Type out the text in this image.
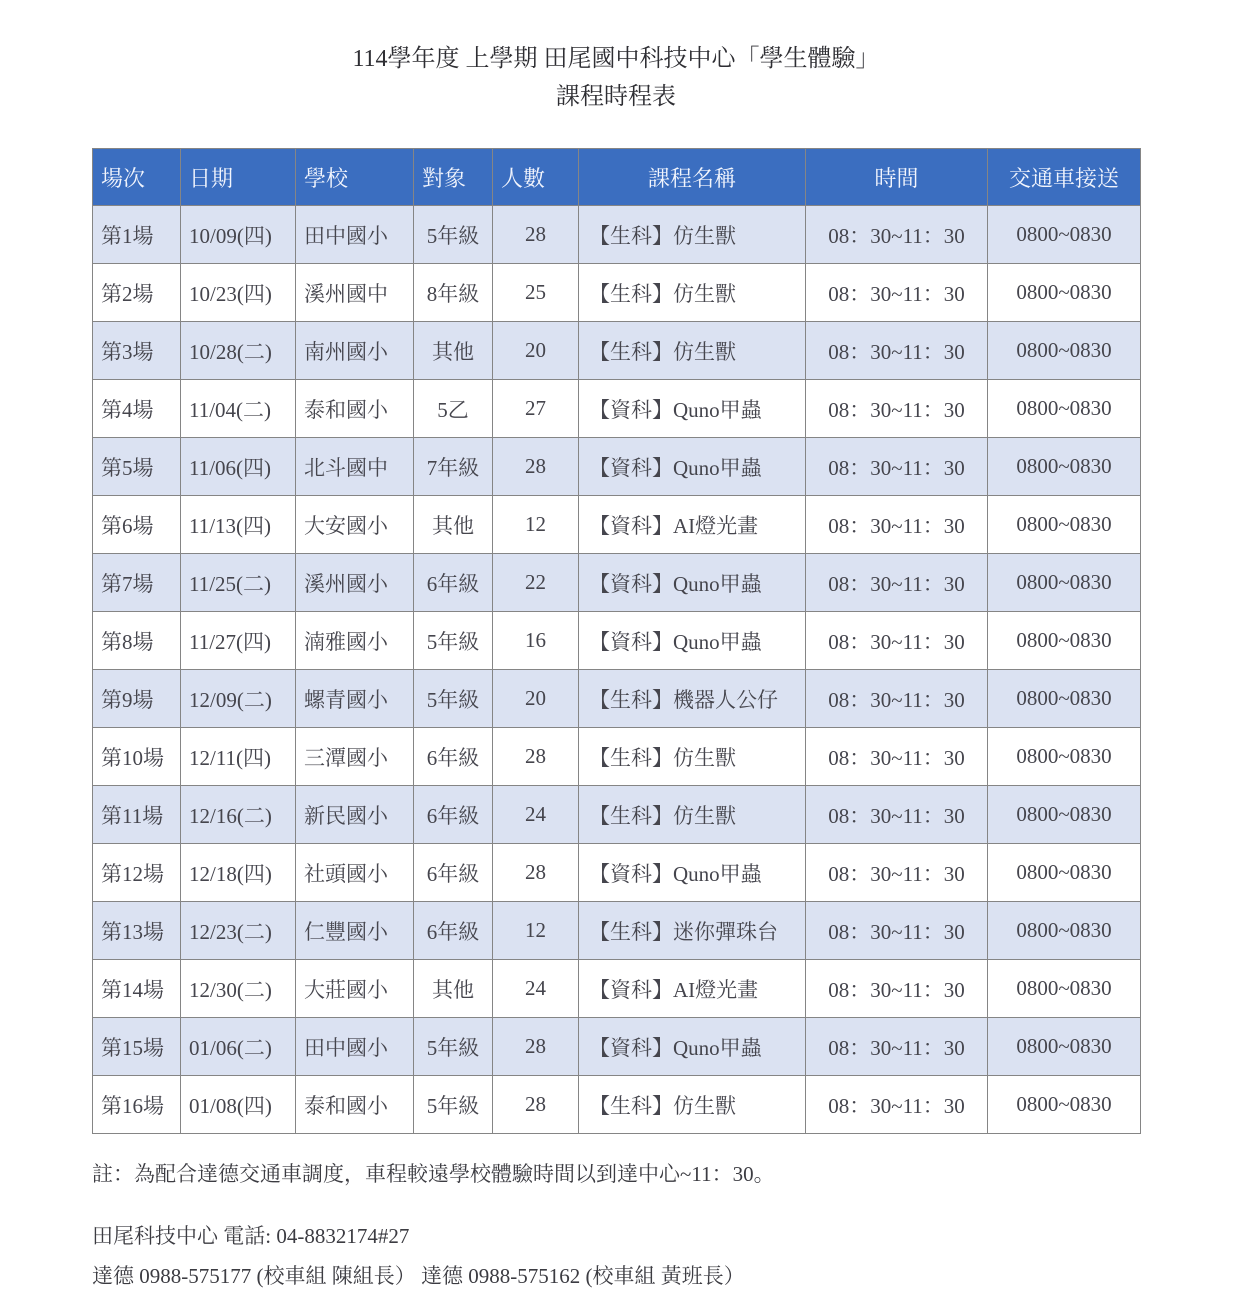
114學年度 上學期 田尾國中科技中心「學生體驗」
課程時程表
場次	日期	學校	對象	人數	課程名稱	時間	交通車接送
第1場	10/09(四)	田中國小	5年級	28	【生科】仿生獸	08：30~11：30	0800~0830
第2場	10/23(四)	溪州國中	8年級	25	【生科】仿生獸	08：30~11：30	0800~0830
第3場	10/28(二)	南州國小	其他	20	【生科】仿生獸	08：30~11：30	0800~0830
第4場	11/04(二)	泰和國小	5乙	27	【資科】Quno甲蟲	08：30~11：30	0800~0830
第5場	11/06(四)	北斗國中	7年級	28	【資科】Quno甲蟲	08：30~11：30	0800~0830
第6場	11/13(四)	大安國小	其他	12	【資科】AI燈光畫	08：30~11：30	0800~0830
第7場	11/25(二)	溪州國小	6年級	22	【資科】Quno甲蟲	08：30~11：30	0800~0830
第8場	11/27(四)	湳雅國小	5年級	16	【資科】Quno甲蟲	08：30~11：30	0800~0830
第9場	12/09(二)	螺青國小	5年級	20	【生科】機器人公仔	08：30~11：30	0800~0830
第10場	12/11(四)	三潭國小	6年級	28	【生科】仿生獸	08：30~11：30	0800~0830
第11場	12/16(二)	新民國小	6年級	24	【生科】仿生獸	08：30~11：30	0800~0830
第12場	12/18(四)	社頭國小	6年級	28	【資科】Quno甲蟲	08：30~11：30	0800~0830
第13場	12/23(二)	仁豐國小	6年級	12	【生科】迷你彈珠台	08：30~11：30	0800~0830
第14場	12/30(二)	大莊國小	其他	24	【資科】AI燈光畫	08：30~11：30	0800~0830
第15場	01/06(二)	田中國小	5年級	28	【資科】Quno甲蟲	08：30~11：30	0800~0830
第16場	01/08(四)	泰和國小	5年級	28	【生科】仿生獸	08：30~11：30	0800~0830
註：為配合達德交通車調度，車程較遠學校體驗時間以到達中心~11：30。
田尾科技中心 電話: 04-8832174#27
達德 0988-575177 (校車組 陳組長） 達德 0988-575162 (校車組 黃班長）
